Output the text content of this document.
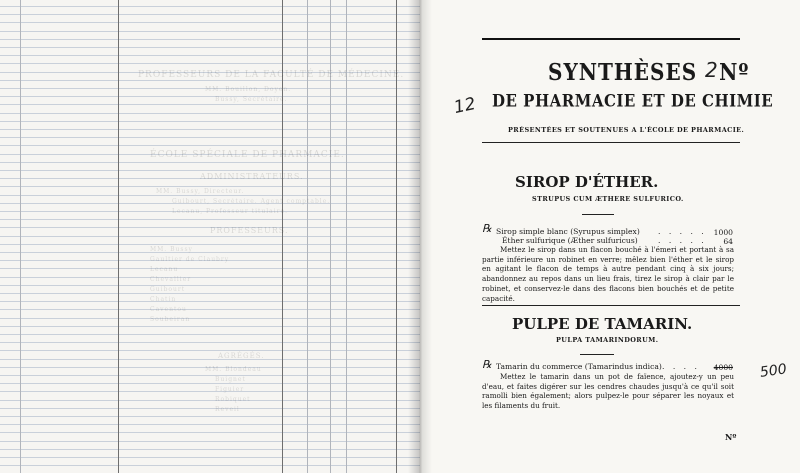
PROFESSEURS DE LA FACULTÉ DE MÉDECINE.
MM. Bouillon, Doyen.
Bussy, Secrétaire.
ÉCOLE SPÉCIALE DE PHARMACIE.
ADMINISTRATEURS.
MM. Bussy, Directeur.
Guibourt, Secrétaire. Agent comptable.
Lecanu, Professeur titulaire.
PROFESSEURS.
MM. Bussy
Gaultier de Claubry
Lecanu
Chevallier
Guibourt
Chatin
Caventou
Soubeiran
AGRÉGÉS.
MM. Blondeau
Buignet
Figuier
Robiquet
Reveil
SYNTHÈSES Nº
2
DE PHARMACIE ET DE CHIMIE
12
PRÉSENTÉES ET SOUTENUES A L'ÉCOLE DE PHARMACIE.
SIROP D'ÉTHER.
STRUPUS CUM ÆTHERE SULFURICO.
℞ Sirop simple blanc (Syrupus simplex) . . . . . 1000
Éther sulfurique (Æther sulfuricus)	. . . . .	64
Mettez le sirop dans un flacon bouché à l'émeri et portant à sa partie inférieure un robinet en verre; mêlez bien l'éther et le sirop en agitant le flacon de temps à autre pendant cinq à six jours; abandonnez au repos dans un lieu frais, tirez le sirop à clair par le robinet, et conservez-le dans des flacons bien bouchés et de petite capacité.
PULPE DE TAMARIN.
PULPA TAMARINDORUM.
℞ Tamarin du commerce (Tamarindus indica) . . . .	4000 500
Mettez le tamarin dans un pot de faïence, ajoutez-y un peu d'eau, et faites digérer sur les cendres chaudes jusqu'à ce qu'il soit ramolli bien également; alors pulpez-le pour séparer les noyaux et les filaments du fruit.
Nº
